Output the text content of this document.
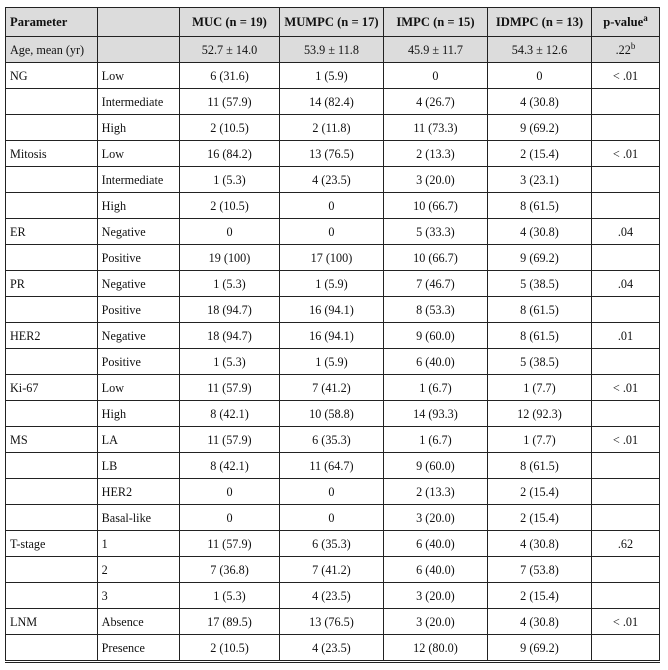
Parameter		MUC (n = 19)	MUMPC (n = 17)	IMPC (n = 15)	IDMPC (n = 13)	p-value$^a$
Age, mean (yr)		52.7 ± 14.0	53.9 ± 11.8	45.9 ± 11.7	54.3 ± 12.6	.22$^b$
NG	Low	6 (31.6)	1 (5.9)	0	0	< .01
	Intermediate	11 (57.9)	14 (82.4)	4 (26.7)	4 (30.8)	
	High	2 (10.5)	2 (11.8)	11 (73.3)	9 (69.2)	
Mitosis	Low	16 (84.2)	13 (76.5)	2 (13.3)	2 (15.4)	< .01
	Intermediate	1 (5.3)	4 (23.5)	3 (20.0)	3 (23.1)	
	High	2 (10.5)	0	10 (66.7)	8 (61.5)	
ER	Negative	0	0	5 (33.3)	4 (30.8)	.04
	Positive	19 (100)	17 (100)	10 (66.7)	9 (69.2)	
PR	Negative	1 (5.3)	1 (5.9)	7 (46.7)	5 (38.5)	.04
	Positive	18 (94.7)	16 (94.1)	8 (53.3)	8 (61.5)	
HER2	Negative	18 (94.7)	16 (94.1)	9 (60.0)	8 (61.5)	.01
	Positive	1 (5.3)	1 (5.9)	6 (40.0)	5 (38.5)	
Ki-67	Low	11 (57.9)	7 (41.2)	1 (6.7)	1 (7.7)	< .01
	High	8 (42.1)	10 (58.8)	14 (93.3)	12 (92.3)	
MS	LA	11 (57.9)	6 (35.3)	1 (6.7)	1 (7.7)	< .01
	LB	8 (42.1)	11 (64.7)	9 (60.0)	8 (61.5)	
	HER2	0	0	2 (13.3)	2 (15.4)	
	Basal-like	0	0	3 (20.0)	2 (15.4)	
T-stage	1	11 (57.9)	6 (35.3)	6 (40.0)	4 (30.8)	.62
	2	7 (36.8)	7 (41.2)	6 (40.0)	7 (53.8)	
	3	1 (5.3)	4 (23.5)	3 (20.0)	2 (15.4)	
LNM	Absence	17 (89.5)	13 (76.5)	3 (20.0)	4 (30.8)	< .01
	Presence	2 (10.5)	4 (23.5)	12 (80.0)	9 (69.2)	
